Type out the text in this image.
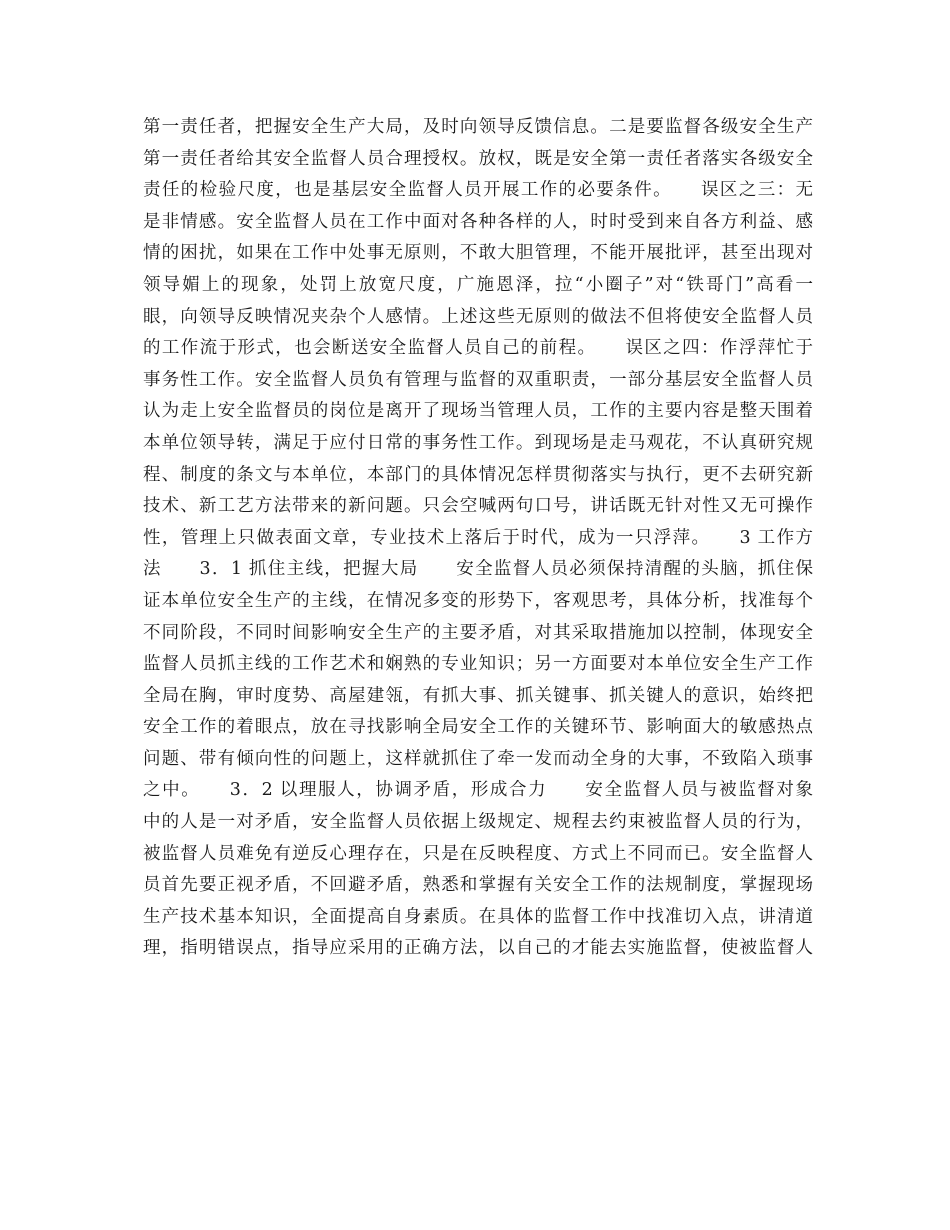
第一责任者，把握安全生产大局，及时向领导反馈信息。二是要监督各级安全生产
第一责任者给其安全监督人员合理授权。放权，既是安全第一责任者落实各级安全
责任的检验尺度，也是基层安全监督人员开展工作的必要条件。　　误区之三：无
是非情感。安全监督人员在工作中面对各种各样的人，时时受到来自各方利益、感
情的困扰，如果在工作中处事无原则，不敢大胆管理，不能开展批评，甚至出现对
领导媚上的现象，处罚上放宽尺度，广施恩泽，拉“小圈子”对“铁哥门”高看一
眼，向领导反映情况夹杂个人感情。上述这些无原则的做法不但将使安全监督人员
的工作流于形式，也会断送安全监督人员自己的前程。　　误区之四：作浮萍忙于
事务性工作。安全监督人员负有管理与监督的双重职责，一部分基层安全监督人员
认为走上安全监督员的岗位是离开了现场当管理人员，工作的主要内容是整天围着
本单位领导转，满足于应付日常的事务性工作。到现场是走马观花，不认真研究规
程、制度的条文与本单位，本部门的具体情况怎样贯彻落实与执行，更不去研究新
技术、新工艺方法带来的新问题。只会空喊两句口号，讲话既无针对性又无可操作
性，管理上只做表面文章，专业技术上落后于时代，成为一只浮萍。　　3 工作方
法　　3．1 抓住主线，把握大局　　安全监督人员必须保持清醒的头脑，抓住保
证本单位安全生产的主线，在情况多变的形势下，客观思考，具体分析，找准每个
不同阶段，不同时间影响安全生产的主要矛盾，对其采取措施加以控制，体现安全
监督人员抓主线的工作艺术和娴熟的专业知识；另一方面要对本单位安全生产工作
全局在胸，审时度势、高屋建瓴，有抓大事、抓关键事、抓关键人的意识，始终把
安全工作的着眼点，放在寻找影响全局安全工作的关键环节、影响面大的敏感热点
问题、带有倾向性的问题上，这样就抓住了牵一发而动全身的大事，不致陷入琐事
之中。　　3．2 以理服人，协调矛盾，形成合力　　安全监督人员与被监督对象
中的人是一对矛盾，安全监督人员依据上级规定、规程去约束被监督人员的行为，
被监督人员难免有逆反心理存在，只是在反映程度、方式上不同而已。安全监督人
员首先要正视矛盾，不回避矛盾，熟悉和掌握有关安全工作的法规制度，掌握现场
生产技术基本知识，全面提高自身素质。在具体的监督工作中找准切入点，讲清道
理，指明错误点，指导应采用的正确方法，以自己的才能去实施监督，使被监督人
